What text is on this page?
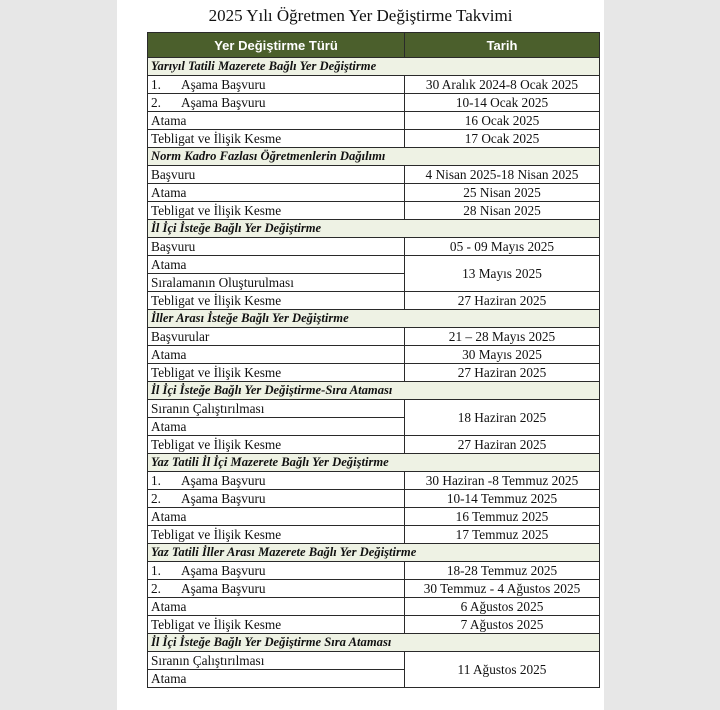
2025 Yılı Öğretmen Yer Değiştirme Takvimi
Yer Değiştirme Türü	Tarih
Yarıyıl Tatili Mazerete Bağlı Yer Değiştirme	
1. Aşama Başvuru	30 Aralık 2024-8 Ocak 2025
2. Aşama Başvuru	10-14 Ocak 2025
Atama	16 Ocak 2025
Tebligat ve İlişik Kesme	17 Ocak 2025
Norm Kadro Fazlası Öğretmenlerin Dağılımı	
Başvuru	4 Nisan 2025-18 Nisan 2025
Atama	25 Nisan 2025
Tebligat ve İlişik Kesme	28 Nisan 2025
İl İçi İsteğe Bağlı Yer Değiştirme	
Başvuru	05 - 09 Mayıs 2025
Atama	13 Mayıs 2025
Sıralamanın Oluşturulması	
Tebligat ve İlişik Kesme	27 Haziran 2025
İller Arası İsteğe Bağlı Yer Değiştirme	
Başvurular	21 – 28 Mayıs 2025
Atama	30 Mayıs 2025
Tebligat ve İlişik Kesme	27 Haziran 2025
İl İçi İsteğe Bağlı Yer Değiştirme-Sıra Ataması	
Sıranın Çalıştırılması	18 Haziran 2025
Atama	
Tebligat ve İlişik Kesme	27 Haziran 2025
Yaz Tatili İl İçi Mazerete Bağlı Yer Değiştirme	
1. Aşama Başvuru	30 Haziran -8 Temmuz 2025
2. Aşama Başvuru	10-14 Temmuz 2025
Atama	16 Temmuz 2025
Tebligat ve İlişik Kesme	17 Temmuz 2025
Yaz Tatili İller Arası Mazerete Bağlı Yer Değiştirme	
1. Aşama Başvuru	18-28 Temmuz 2025
2. Aşama Başvuru	30 Temmuz - 4 Ağustos 2025
Atama	6 Ağustos 2025
Tebligat ve İlişik Kesme	7 Ağustos 2025
İl İçi İsteğe Bağlı Yer Değiştirme Sıra Ataması	
Sıranın Çalıştırılması	11 Ağustos 2025
Atama	
